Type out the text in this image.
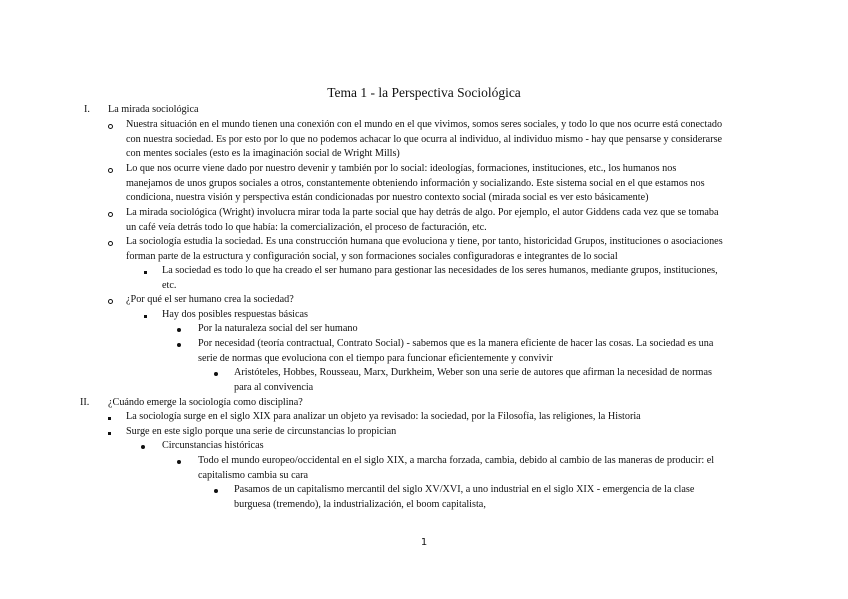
Tema 1 - la Perspectiva Sociológica
I. La mirada sociológica
Nuestra situación en el mundo tienen una conexión con el mundo en el que vivimos, somos seres sociales, y todo lo que nos ocurre está conectado
con nuestra sociedad. Es por esto por lo que no podemos achacar lo que ocurra al individuo, al individuo mismo - hay que pensarse y considerarse
con mentes sociales (esto es la imaginación social de Wright Mills)
Lo que nos ocurre viene dado por nuestro devenir y también por lo social: ideologías, formaciones, instituciones, etc., los humanos nos
manejamos de unos grupos sociales a otros, constantemente obteniendo información y socializando. Este sistema social en el que estamos nos
condiciona, nuestra visión y perspectiva están condicionadas por nuestro contexto social (mirada social es ver esto básicamente)
La mirada sociológica (Wright) involucra mirar toda la parte social que hay detrás de algo. Por ejemplo, el autor Giddens cada vez que se tomaba
un café veía detrás todo lo que había: la comercialización, el proceso de facturación, etc.
La sociología estudia la sociedad. Es una construcción humana que evoluciona y tiene, por tanto, historicidad Grupos, instituciones o asociaciones
forman parte de la estructura y configuración social, y son formaciones sociales configuradoras e integrantes de lo social
La sociedad es todo lo que ha creado el ser humano para gestionar las necesidades de los seres humanos, mediante grupos, instituciones,
etc.
¿Por qué el ser humano crea la sociedad?
Hay dos posibles respuestas básicas
Por la naturaleza social del ser humano
Por necesidad (teoría contractual, Contrato Social) - sabemos que es la manera eficiente de hacer las cosas. La sociedad es una
serie de normas que evoluciona con el tiempo para funcionar eficientemente y convivir
Aristóteles, Hobbes, Rousseau, Marx, Durkheim, Weber son una serie de autores que afirman la necesidad de normas
para al convivencia
II. ¿Cuándo emerge la sociología como disciplina?
La sociología surge en el siglo XIX para analizar un objeto ya revisado: la sociedad, por la Filosofía, las religiones, la Historia
Surge en este siglo porque una serie de circunstancias lo propician
Circunstancias históricas
Todo el mundo europeo/occidental en el siglo XIX, a marcha forzada, cambia, debido al cambio de las maneras de producir: el
capitalismo cambia su cara
Pasamos de un capitalismo mercantil del siglo XV/XVI, a uno industrial en el siglo XIX - emergencia de la clase
burguesa (tremendo), la industrialización, el boom capitalista,
1
